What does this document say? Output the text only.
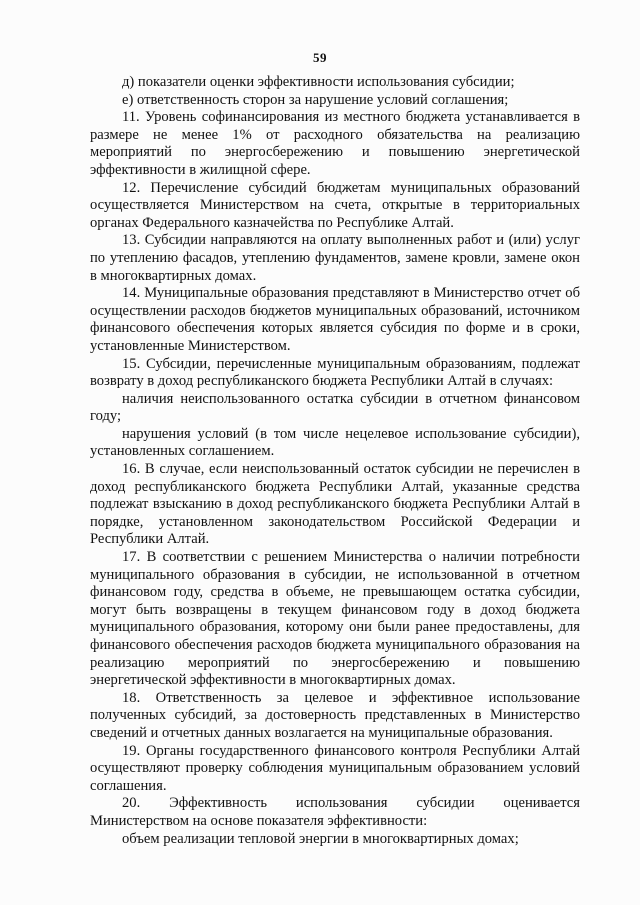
59

д) показатели оценки эффективности использования субсидии;

е) ответственность сторон за нарушение условий соглашения;

11. Уровень софинансирования из местного бюджета устанавливается в размере не менее 1% от расходного обязательства на реализацию мероприятий по энергосбережению и повышению энергетической эффективности в жилищной сфере.

12. Перечисление субсидий бюджетам муниципальных образований осуществляется Министерством на счета, открытые в территориальных органах Федерального казначейства по Республике Алтай.

13. Субсидии направляются на оплату выполненных работ и (или) услуг по утеплению фасадов, утеплению фундаментов, замене кровли, замене окон в многоквартирных домах.

14. Муниципальные образования представляют в Министерство отчет об осуществлении расходов бюджетов муниципальных образований, источником финансового обеспечения которых является субсидия по форме и в сроки, установленные Министерством.

15. Субсидии, перечисленные муниципальным образованиям, подлежат возврату в доход республиканского бюджета Республики Алтай в случаях:

наличия неиспользованного остатка субсидии в отчетном финансовом году;

нарушения условий (в том числе нецелевое использование субсидии), установленных соглашением.

16. В случае, если неиспользованный остаток субсидии не перечислен в доход республиканского бюджета Республики Алтай, указанные средства подлежат взысканию в доход республиканского бюджета Республики Алтай в порядке, установленном законодательством Российской Федерации и Республики Алтай.

17. В соответствии с решением Министерства о наличии потребности муниципального образования в субсидии, не использованной в отчетном финансовом году, средства в объеме, не превышающем остатка субсидии, могут быть возвращены в текущем финансовом году в доход бюджета муниципального образования, которому они были ранее предоставлены, для финансового обеспечения расходов бюджета муниципального образования на реализацию мероприятий по энергосбережению и повышению энергетической эффективности в многоквартирных домах.

18. Ответственность за целевое и эффективное использование полученных субсидий, за достоверность представленных в Министерство сведений и отчетных данных возлагается на муниципальные образования.

19. Органы государственного финансового контроля Республики Алтай осуществляют проверку соблюдения муниципальным образованием условий соглашения.

20. Эффективность использования субсидии оценивается Министерством на основе показателя эффективности:

объем реализации тепловой энергии в многоквартирных домах;
